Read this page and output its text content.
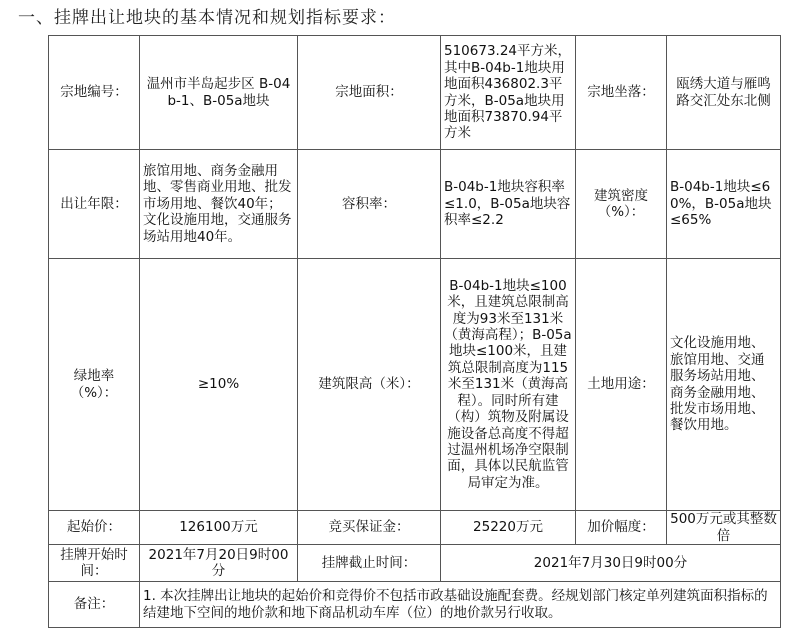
一、挂牌出让地块的基本情况和规划指标要求：
宗地编号：	温州市半岛起步区 B-04b-1、B-05a地块	宗地面积：	510673.24平方米，其中B-04b-1地块用地面积436802.3平方米，B-05a地块用地面积73870.94平方米	宗地坐落：	瓯绣大道与雁鸣路交汇处东北侧
出让年限：	旅馆用地、商务金融用地、零售商业用地、批发市场用地、餐饮40年；文化设施用地，交通服务场站用地40年。	容积率：	B-04b-1地块容积率≤1.0，B-05a地块容积率≤2.2	建筑密度（%）：	B-04b-1地块≤60%，B-05a地块≤65%
绿地率（%）：	≥10%	建筑限高（米）：	B-04b-1地块≤100米，且建筑总限制高度为93米至131米（黄海高程）；B-05a地块≤100米，且建筑总限制高度为115米至131米（黄海高程）。同时所有建（构）筑物及附属设施设备总高度不得超过温州机场净空限制面，具体以民航监管局审定为准。	土地用途：	文化设施用地、旅馆用地、交通服务场站用地、商务金融用地、批发市场用地、餐饮用地。
起始价：	126100万元	竞买保证金：	25220万元	加价幅度：	500万元或其整数倍
挂牌开始时间：	2021年7月20日9时00分	挂牌截止时间：	2021年7月30日9时00分		
备注：	1. 本次挂牌出让地块的起始价和竞得价不包括市政基础设施配套费。经规划部门核定单列建筑面积指标的结建地下空间的地价款和地下商品机动车库（位）的地价款另行收取。				
